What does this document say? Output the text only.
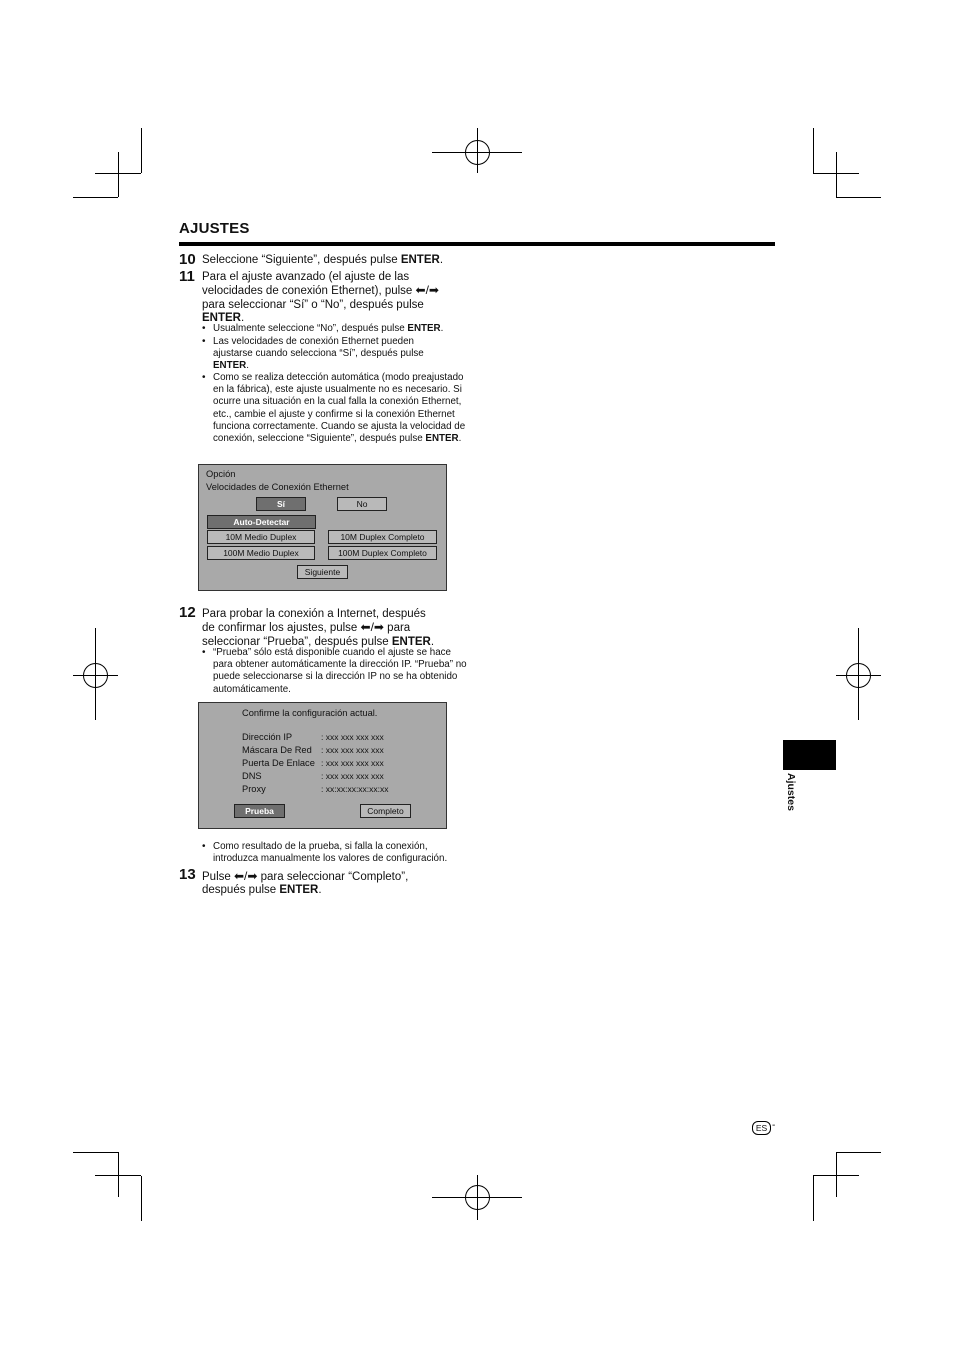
AJUSTES
10 Seleccione “Siguiente”, después pulse ENTER.
11 Para el ajuste avanzado (el ajuste de las
velocidades de conexión Ethernet), pulse ⬅/➡
para seleccionar “Sí” o “No”, después pulse
ENTER.
• Usualmente seleccione “No”, después pulse ENTER.
• Las velocidades de conexión Ethernet pueden ajustarse cuando selecciona “Sí”, después pulse ENTER.
• Como se realiza detección automática (modo preajustado en la fábrica), este ajuste usualmente no es necesario. Si ocurre una situación en la cual falla la conexión Ethernet, etc., cambie el ajuste y confirme si la conexión Ethernet funciona correctamente. Cuando se ajusta la velocidad de conexión, seleccione “Siguiente”, después pulse ENTER.
Opción
Velocidades de Conexión Ethernet
Sí	No
Auto-Detectar
10M Medio Duplex	10M Duplex Completo
100M Medio Duplex	100M Duplex Completo
Siguiente
12 Para probar la conexión a Internet, después
de confirmar los ajustes, pulse ⬅/➡ para
seleccionar “Prueba”, después pulse ENTER.
• “Prueba” sólo está disponible cuando el ajuste se hace para obtener automáticamente la dirección IP. “Prueba” no puede seleccionarse si la dirección IP no se ha obtenido automáticamente.
Confirme la configuración actual.
Dirección IP	: xxx xxx xxx xxx
Máscara De Red : xxx xxx xxx xxx
Puerta De Enlace : xxx xxx xxx xxx
DNS	: xxx xxx xxx xxx
Proxy	: xx:xx:xx:xx:xx:xx
Prueba	Completo
• Como resultado de la prueba, si falla la conexión, introduzca manualmente los valores de configuración.
13 Pulse ⬅/➡ para seleccionar “Completo”,
después pulse ENTER.
Ajustes
ES -
